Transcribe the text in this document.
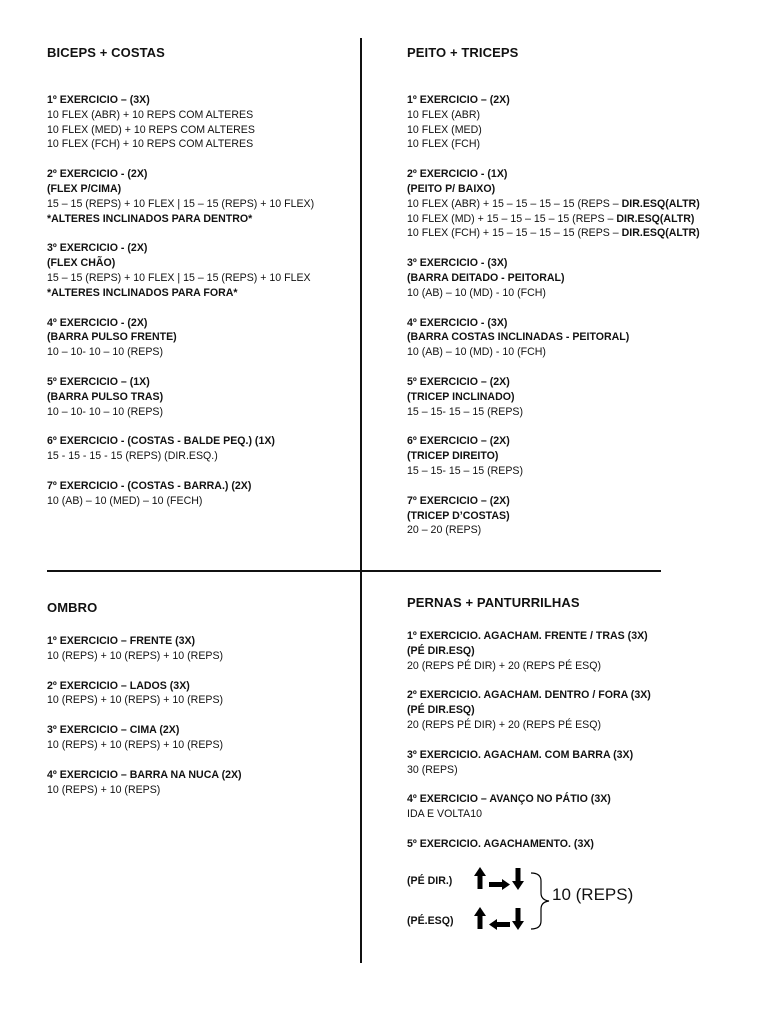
BICEPS + COSTAS
1º EXERCICIO – (3X)
10 FLEX (ABR) + 10 REPS COM ALTERES
10 FLEX (MED) + 10 REPS COM ALTERES
10 FLEX (FCH) + 10 REPS COM ALTERES
2º EXERCICIO - (2X)
(FLEX P/CIMA)
15 – 15 (REPS) + 10 FLEX | 15 – 15 (REPS) + 10 FLEX)
*ALTERES INCLINADOS PARA DENTRO*
3º EXERCICIO - (2X)
(FLEX CHÃO)
15 – 15 (REPS) + 10 FLEX | 15 – 15 (REPS) + 10 FLEX
*ALTERES INCLINADOS PARA FORA*
4º EXERCICIO - (2X)
(BARRA PULSO FRENTE)
10 – 10- 10 – 10 (REPS)
5º EXERCICIO – (1X)
(BARRA PULSO TRAS)
10 – 10- 10 – 10 (REPS)
6º EXERCICIO - (COSTAS - BALDE PEQ.) (1X)
15 - 15 - 15 - 15 (REPS) (DIR.ESQ.)
7º EXERCICIO - (COSTAS - BARRA.) (2X)
10 (AB) – 10 (MED) – 10 (FECH)
PEITO + TRICEPS
1º EXERCICIO – (2X)
10 FLEX (ABR)
10 FLEX (MED)
10 FLEX (FCH)
2º EXERCICIO - (1X)
(PEITO P/ BAIXO)
10 FLEX (ABR) + 15 – 15 – 15 – 15 (REPS – DIR.ESQ(ALTR)
10 FLEX (MD) + 15 – 15 – 15 – 15 (REPS – DIR.ESQ(ALTR)
10 FLEX (FCH) + 15 – 15 – 15 – 15 (REPS – DIR.ESQ(ALTR)
3º EXERCICIO - (3X)
(BARRA DEITADO - PEITORAL)
10 (AB) – 10 (MD) - 10 (FCH)
4º EXERCICIO - (3X)
(BARRA COSTAS INCLINADAS - PEITORAL)
10 (AB) – 10 (MD) - 10 (FCH)
5º EXERCICIO – (2X)
(TRICEP INCLINADO)
15 – 15- 15 – 15 (REPS)
6º EXERCICIO – (2X)
(TRICEP DIREITO)
15 – 15- 15 – 15 (REPS)
7º EXERCICIO – (2X)
(TRICEP D’COSTAS)
20 – 20 (REPS)
OMBRO
1º EXERCICIO – FRENTE (3X)
10 (REPS) + 10 (REPS) + 10 (REPS)
2º EXERCICIO – LADOS (3X)
10 (REPS) + 10 (REPS) + 10 (REPS)
3º EXERCICIO – CIMA (2X)
10 (REPS) + 10 (REPS) + 10 (REPS)
4º EXERCICIO – BARRA NA NUCA (2X)
10 (REPS) + 10 (REPS)
PERNAS + PANTURRILHAS
1º EXERCICIO. AGACHAM. FRENTE / TRAS (3X)
(PÉ DIR.ESQ)
20 (REPS PÉ DIR) + 20 (REPS PÉ ESQ)
2º EXERCICIO. AGACHAM. DENTRO / FORA (3X)
(PÉ DIR.ESQ)
20 (REPS PÉ DIR) + 20 (REPS PÉ ESQ)
3º EXERCICIO. AGACHAM. COM BARRA (3X)
30 (REPS)
4º EXERCICIO – AVANÇO NO PÁTIO (3X)
IDA E VOLTA10
5º EXERCICIO. AGACHAMENTO. (3X)
(PÉ DIR.)
(PÉ.ESQ)
10 (REPS)
